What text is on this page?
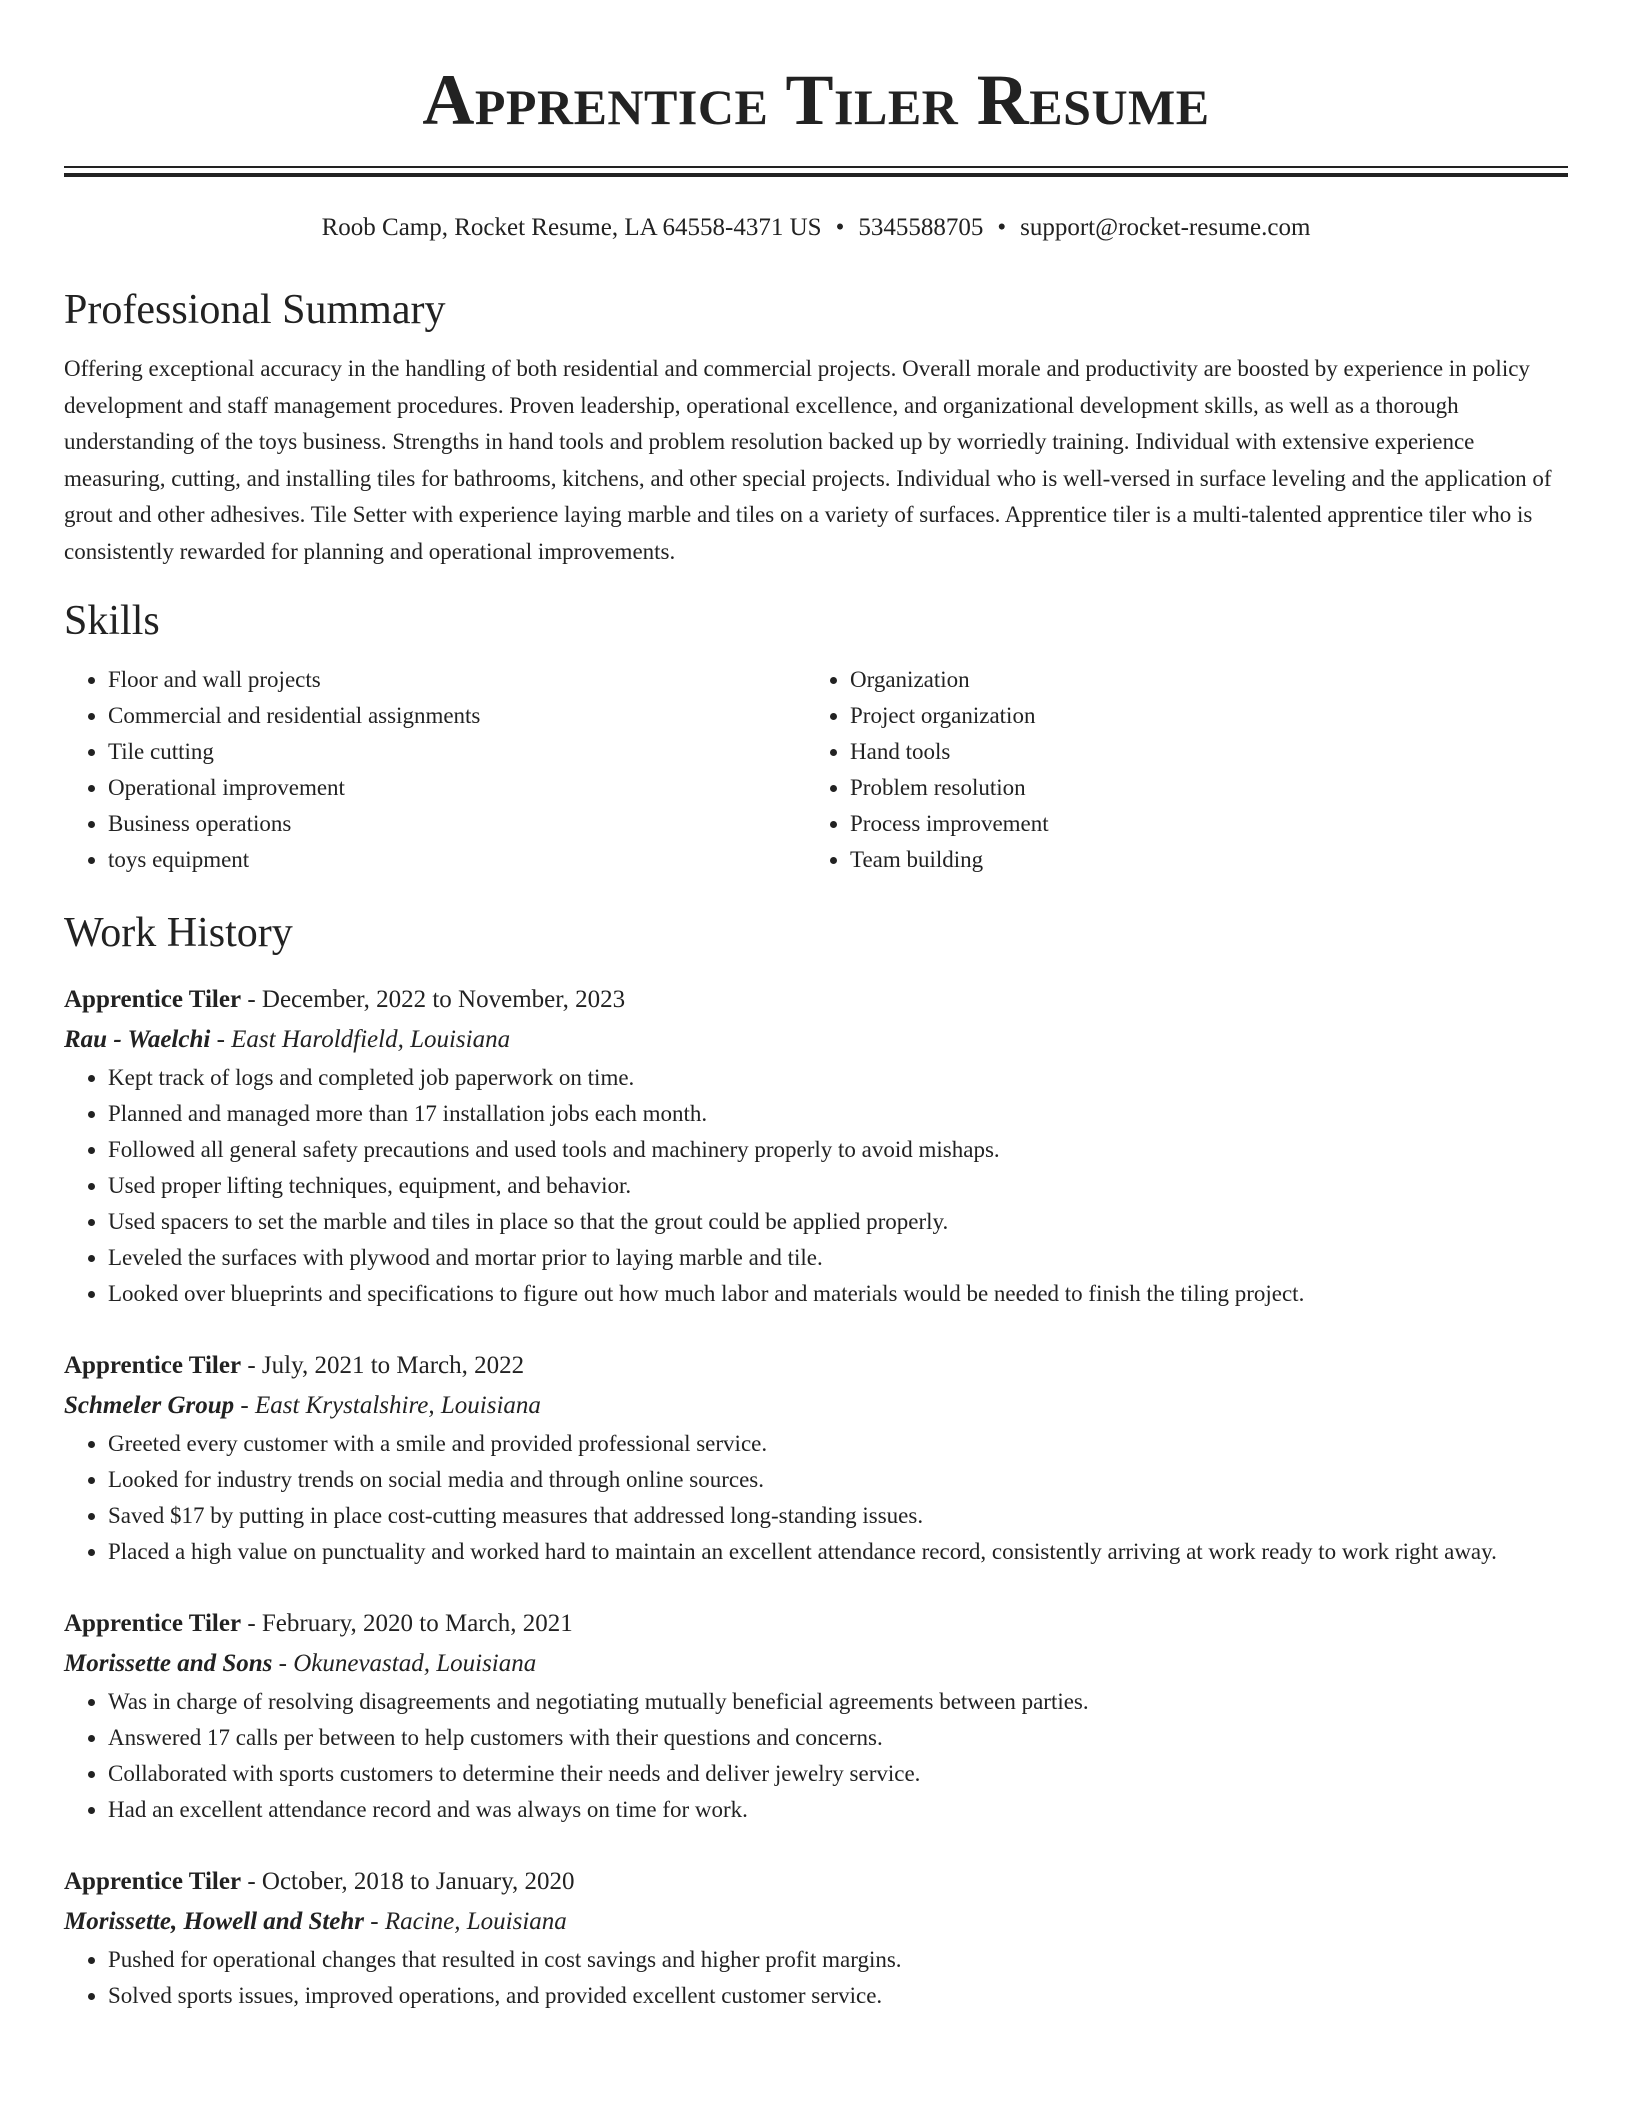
Apprentice Tiler Resume
Roob Camp, Rocket Resume, LA 64558-4371 US • 5345588705 • support@rocket-resume.com
Professional Summary
Offering exceptional accuracy in the handling of both residential and commercial projects. Overall morale and productivity are boosted by experience in policy development and staff management procedures. Proven leadership, operational excellence, and organizational development skills, as well as a thorough understanding of the toys business. Strengths in hand tools and problem resolution backed up by worriedly training. Individual with extensive experience measuring, cutting, and installing tiles for bathrooms, kitchens, and other special projects. Individual who is well-versed in surface leveling and the application of grout and other adhesives. Tile Setter with experience laying marble and tiles on a variety of surfaces. Apprentice tiler is a multi-talented apprentice tiler who is consistently rewarded for planning and operational improvements.
Skills
• Floor and wall projects
• Commercial and residential assignments
• Tile cutting
• Operational improvement
• Business operations
• toys equipment
• Organization
• Project organization
• Hand tools
• Problem resolution
• Process improvement
• Team building
Work History
Apprentice Tiler - December, 2022 to November, 2023
Rau - Waelchi - East Haroldfield, Louisiana
• Kept track of logs and completed job paperwork on time.
• Planned and managed more than 17 installation jobs each month.
• Followed all general safety precautions and used tools and machinery properly to avoid mishaps.
• Used proper lifting techniques, equipment, and behavior.
• Used spacers to set the marble and tiles in place so that the grout could be applied properly.
• Leveled the surfaces with plywood and mortar prior to laying marble and tile.
• Looked over blueprints and specifications to figure out how much labor and materials would be needed to finish the tiling project.
Apprentice Tiler - July, 2021 to March, 2022
Schmeler Group - East Krystalshire, Louisiana
• Greeted every customer with a smile and provided professional service.
• Looked for industry trends on social media and through online sources.
• Saved $17 by putting in place cost-cutting measures that addressed long-standing issues.
• Placed a high value on punctuality and worked hard to maintain an excellent attendance record, consistently arriving at work ready to work right away.
Apprentice Tiler - February, 2020 to March, 2021
Morissette and Sons - Okunevastad, Louisiana
• Was in charge of resolving disagreements and negotiating mutually beneficial agreements between parties.
• Answered 17 calls per between to help customers with their questions and concerns.
• Collaborated with sports customers to determine their needs and deliver jewelry service.
• Had an excellent attendance record and was always on time for work.
Apprentice Tiler - October, 2018 to January, 2020
Morissette, Howell and Stehr - Racine, Louisiana
• Pushed for operational changes that resulted in cost savings and higher profit margins.
• Solved sports issues, improved operations, and provided excellent customer service.
